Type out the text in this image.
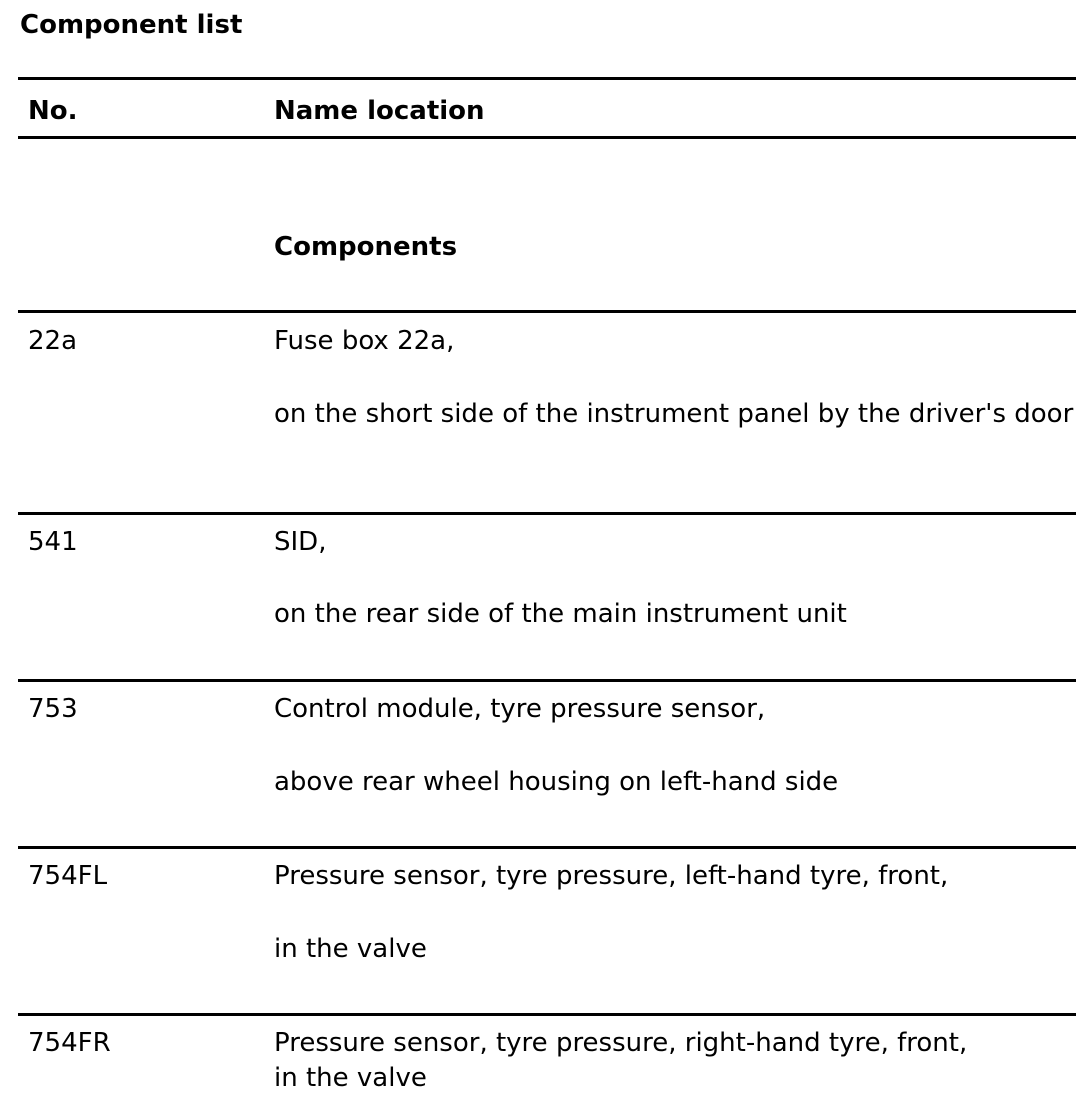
Component list
No.	Name location
Components
22a	Fuse box 22a,
on the short side of the instrument panel by the driver's door
541	SID,
on the rear side of the main instrument unit
753	Control module, tyre pressure sensor,
above rear wheel housing on left-hand side
754FL	Pressure sensor, tyre pressure, left-hand tyre, front,
in the valve
754FR	Pressure sensor, tyre pressure, right-hand tyre, front,
in the valve
